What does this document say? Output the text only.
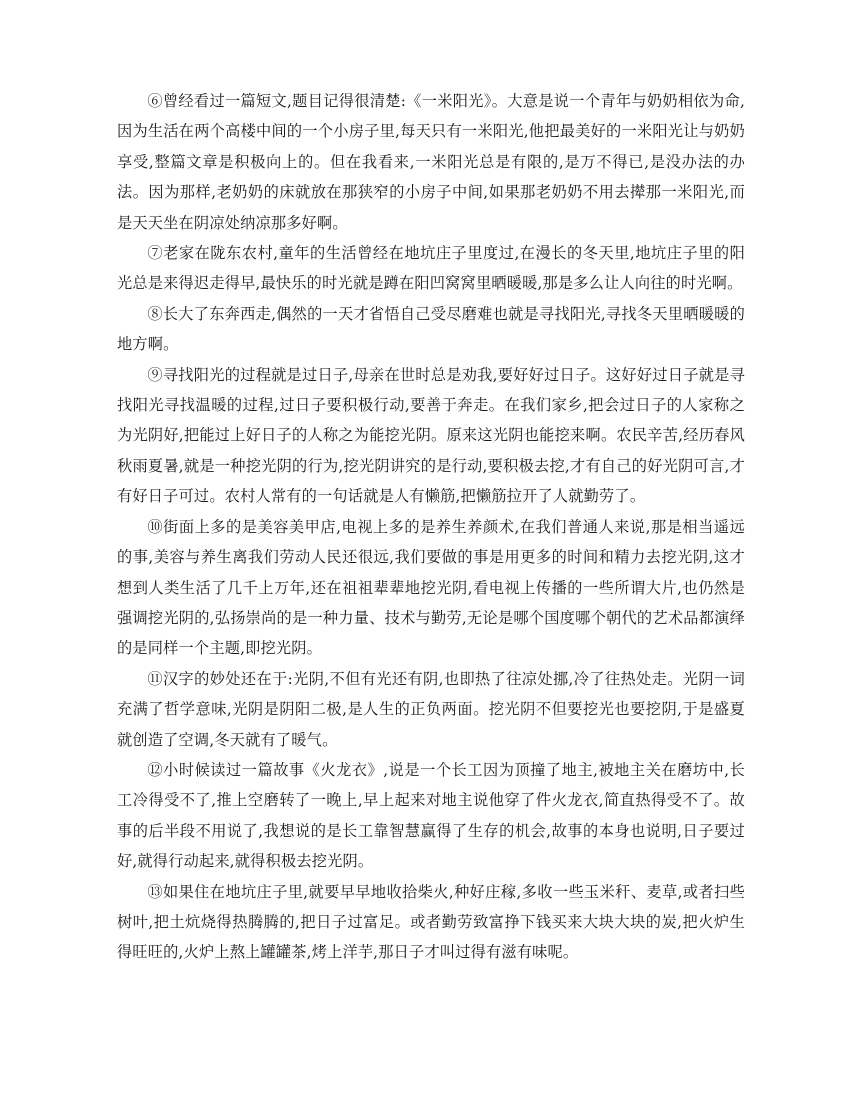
⑥曾经看过一篇短文,题目记得很清楚:《一米阳光》。大意是说一个青年与奶奶相依为命,因为生活在两个高楼中间的一个小房子里,每天只有一米阳光,他把最美好的一米阳光让与奶奶享受,整篇文章是积极向上的。但在我看来,一米阳光总是有限的,是万不得已,是没办法的办法。因为那样,老奶奶的床就放在那狭窄的小房子中间,如果那老奶奶不用去撵那一米阳光,而是天天坐在阴凉处纳凉那多好啊。

⑦老家在陇东农村,童年的生活曾经在地坑庄子里度过,在漫长的冬天里,地坑庄子里的阳光总是来得迟走得早,最快乐的时光就是蹲在阳凹窝窝里晒暖暖,那是多么让人向往的时光啊。

⑧长大了东奔西走,偶然的一天才省悟自己受尽磨难也就是寻找阳光,寻找冬天里晒暖暖的地方啊。

⑨寻找阳光的过程就是过日子,母亲在世时总是劝我,要好好过日子。这好好过日子就是寻找阳光寻找温暖的过程,过日子要积极行动,要善于奔走。在我们家乡,把会过日子的人家称之为光阴好,把能过上好日子的人称之为能挖光阴。原来这光阴也能挖来啊。农民辛苦,经历春风秋雨夏暑,就是一种挖光阴的行为,挖光阴讲究的是行动,要积极去挖,才有自己的好光阴可言,才有好日子可过。农村人常有的一句话就是人有懒筋,把懒筋拉开了人就勤劳了。

⑩街面上多的是美容美甲店,电视上多的是养生养颜术,在我们普通人来说,那是相当遥远的事,美容与养生离我们劳动人民还很远,我们要做的事是用更多的时间和精力去挖光阴,这才想到人类生活了几千上万年,还在祖祖辈辈地挖光阴,看电视上传播的一些所谓大片,也仍然是强调挖光阴的,弘扬崇尚的是一种力量、技术与勤劳,无论是哪个国度哪个朝代的艺术品都演绎的是同样一个主题,即挖光阴。

⑪汉字的妙处还在于:光阴,不但有光还有阴,也即热了往凉处挪,冷了往热处走。光阴一词充满了哲学意味,光阴是阴阳二极,是人生的正负两面。挖光阴不但要挖光也要挖阴,于是盛夏就创造了空调,冬天就有了暖气。

⑫小时候读过一篇故事《火龙衣》,说是一个长工因为顶撞了地主,被地主关在磨坊中,长工冷得受不了,推上空磨转了一晚上,早上起来对地主说他穿了件火龙衣,简直热得受不了。故事的后半段不用说了,我想说的是长工靠智慧赢得了生存的机会,故事的本身也说明,日子要过好,就得行动起来,就得积极去挖光阴。

⑬如果住在地坑庄子里,就要早早地收拾柴火,种好庄稼,多收一些玉米秆、麦草,或者扫些树叶,把土炕烧得热腾腾的,把日子过富足。或者勤劳致富挣下钱买来大块大块的炭,把火炉生得旺旺的,火炉上熬上罐罐茶,烤上洋芋,那日子才叫过得有滋有味呢。
